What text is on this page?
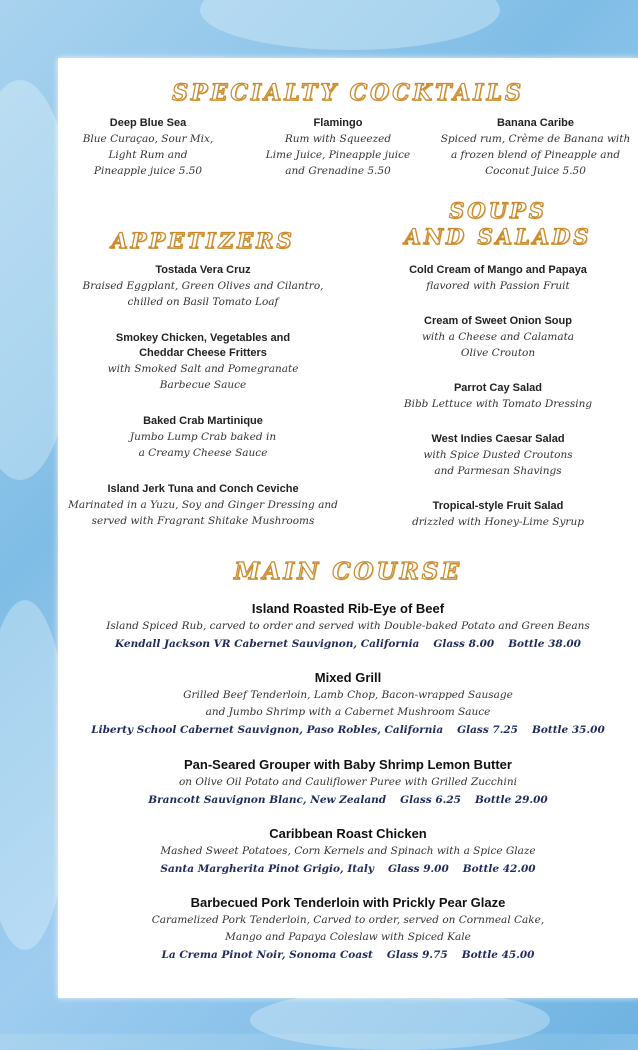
SPECIALTY COCKTAILS
Deep Blue Sea
Blue Curaçao, Sour Mix,
Light Rum and
Pineapple juice 5.50
Flamingo
Rum with Squeezed
Lime Juice, Pineapple juice
and Grenadine 5.50
Banana Caribe
Spiced rum, Crème de Banana with
a frozen blend of Pineapple and
Coconut Juice 5.50
APPETIZERS
Tostada Vera Cruz
Braised Eggplant, Green Olives and Cilantro,
chilled on Basil Tomato Loaf
Smokey Chicken, Vegetables and
Cheddar Cheese Fritters
with Smoked Salt and Pomegranate
Barbecue Sauce
Baked Crab Martinique
Jumbo Lump Crab baked in
a Creamy Cheese Sauce
Island Jerk Tuna and Conch Ceviche
Marinated in a Yuzu, Soy and Ginger Dressing and
served with Fragrant Shitake Mushrooms
SOUPS
AND SALADS
Cold Cream of Mango and Papaya
flavored with Passion Fruit
Cream of Sweet Onion Soup
with a Cheese and Calamata
Olive Crouton
Parrot Cay Salad
Bibb Lettuce with Tomato Dressing
West Indies Caesar Salad
with Spice Dusted Croutons
and Parmesan Shavings
Tropical-style Fruit Salad
drizzled with Honey-Lime Syrup
MAIN COURSE
Island Roasted Rib-Eye of Beef
Island Spiced Rub, carved to order and served with Double-baked Potato and Green Beans
Kendall Jackson VR Cabernet Sauvignon, California Glass 8.00 Bottle 38.00
Mixed Grill
Grilled Beef Tenderloin, Lamb Chop, Bacon-wrapped Sausage
and Jumbo Shrimp with a Cabernet Mushroom Sauce
Liberty School Cabernet Sauvignon, Paso Robles, California Glass 7.25 Bottle 35.00
Pan-Seared Grouper with Baby Shrimp Lemon Butter
on Olive Oil Potato and Cauliflower Puree with Grilled Zucchini
Brancott Sauvignon Blanc, New Zealand Glass 6.25 Bottle 29.00
Caribbean Roast Chicken
Mashed Sweet Potatoes, Corn Kernels and Spinach with a Spice Glaze
Santa Margherita Pinot Grigio, Italy Glass 9.00 Bottle 42.00
Barbecued Pork Tenderloin with Prickly Pear Glaze
Caramelized Pork Tenderloin, Carved to order, served on Cornmeal Cake,
Mango and Papaya Coleslaw with Spiced Kale
La Crema Pinot Noir, Sonoma Coast Glass 9.75 Bottle 45.00
